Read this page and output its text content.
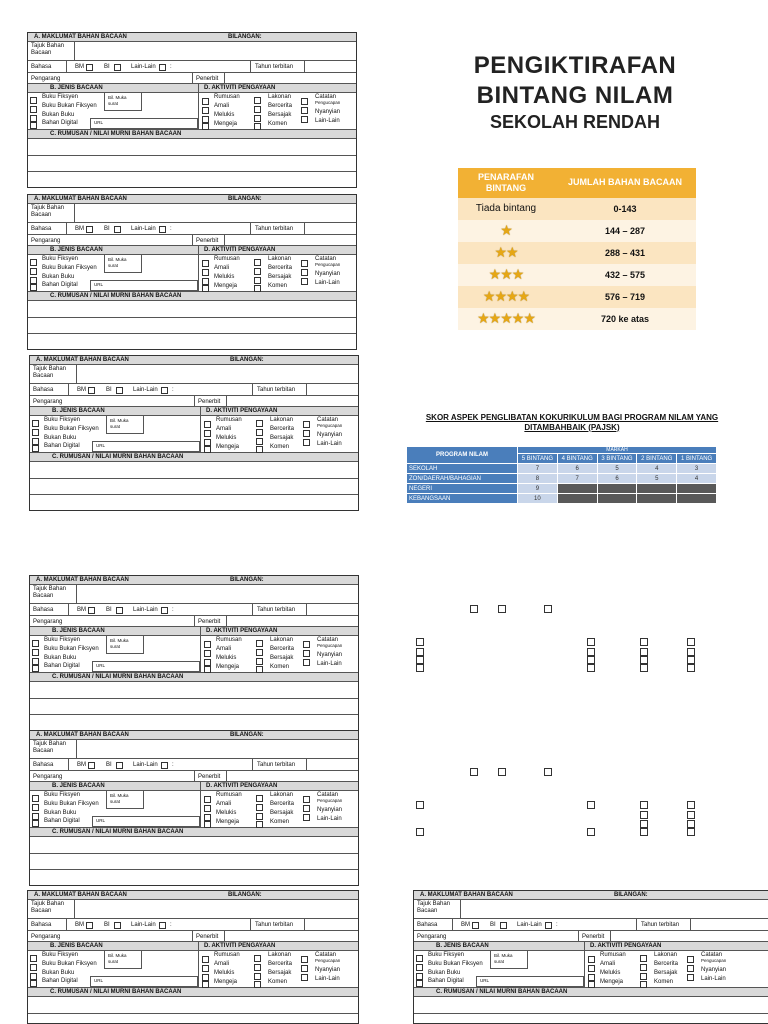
A. MAKLUMAT BAHAN BACAAN	BILANGAN:
Tajuk Bahan
Bacaan
Bahasa	BM	BI	Lain-Lain :	Tahun terbitan
Pengarang	Penerbit
B. JENIS BACAAN	D. AKTIVITI PENGAYAAN
Buku Fiksyen
Buku Bukan Fiksyen
Bukan Buku
Bahan Digital
Bil. Muka
surat
URL
Rumusan
Amali
Melukis
Mengeja
Lakonan
Bercerita
Bersajak
Komen
Catatan
Pengucapan
Nyanyian
Lain-Lain
C. RUMUSAN / NILAI MURNI BAHAN BACAAN
A. MAKLUMAT BAHAN BACAAN	BILANGAN:
Tajuk Bahan
Bacaan
Bahasa	BM	BI	Lain-Lain :	Tahun terbitan
Pengarang	Penerbit
B. JENIS BACAAN	D. AKTIVITI PENGAYAAN
Buku Fiksyen
Buku Bukan Fiksyen
Bukan Buku
Bahan Digital
Bil. Muka
surat
URL
Rumusan
Amali
Melukis
Mengeja
Lakonan
Bercerita
Bersajak
Komen
Catatan
Pengucapan
Nyanyian
Lain-Lain
C. RUMUSAN / NILAI MURNI BAHAN BACAAN
A. MAKLUMAT BAHAN BACAAN	BILANGAN:
Tajuk Bahan
Bacaan
Bahasa	BM	BI	Lain-Lain :	Tahun terbitan
Pengarang	Penerbit
B. JENIS BACAAN	D. AKTIVITI PENGAYAAN
Buku Fiksyen
Buku Bukan Fiksyen
Bukan Buku
Bahan Digital
Bil. Muka
surat
URL
Rumusan
Amali
Melukis
Mengeja
Lakonan
Bercerita
Bersajak
Komen
Catatan
Pengucapan
Nyanyian
Lain-Lain
C. RUMUSAN / NILAI MURNI BAHAN BACAAN
A. MAKLUMAT BAHAN BACAAN	BILANGAN:
Tajuk Bahan
Bacaan
Bahasa	BM	BI	Lain-Lain :	Tahun terbitan
Pengarang	Penerbit
B. JENIS BACAAN	D. AKTIVITI PENGAYAAN
Buku Fiksyen
Buku Bukan Fiksyen
Bukan Buku
Bahan Digital
Bil. Muka
surat
URL
Rumusan
Amali
Melukis
Mengeja
Lakonan
Bercerita
Bersajak
Komen
Catatan
Pengucapan
Nyanyian
Lain-Lain
C. RUMUSAN / NILAI MURNI BAHAN BACAAN
A. MAKLUMAT BAHAN BACAAN	BILANGAN:
Tajuk Bahan
Bacaan
Bahasa	BM	BI	Lain-Lain :	Tahun terbitan
Pengarang	Penerbit
B. JENIS BACAAN	D. AKTIVITI PENGAYAAN
Buku Fiksyen
Buku Bukan Fiksyen
Bukan Buku
Bahan Digital
Bil. Muka
surat
URL
Rumusan
Amali
Melukis
Mengeja
Lakonan
Bercerita
Bersajak
Komen
Catatan
Pengucapan
Nyanyian
Lain-Lain
C. RUMUSAN / NILAI MURNI BAHAN BACAAN
A. MAKLUMAT BAHAN BACAAN	BILANGAN:
Tajuk Bahan
Bacaan
Bahasa	BM	BI	Lain-Lain :	Tahun terbitan
Pengarang	Penerbit
B. JENIS BACAAN	D. AKTIVITI PENGAYAAN
Buku Fiksyen
Buku Bukan Fiksyen
Bukan Buku
Bahan Digital
Bil. Muka
surat
URL
Rumusan
Amali
Melukis
Mengeja
Lakonan
Bercerita
Bersajak
Komen
Catatan
Pengucapan
Nyanyian
Lain-Lain
C. RUMUSAN / NILAI MURNI BAHAN BACAAN
A. MAKLUMAT BAHAN BACAAN	BILANGAN:
Tajuk Bahan
Bacaan
Bahasa	BM	BI	Lain-Lain :	Tahun terbitan
Pengarang	Penerbit
B. JENIS BACAAN	D. AKTIVITI PENGAYAAN
Buku Fiksyen
Buku Bukan Fiksyen
Bukan Buku
Bahan Digital
Bil. Muka
surat
URL
Rumusan
Amali
Melukis
Mengeja
Lakonan
Bercerita
Bersajak
Komen
Catatan
Pengucapan
Nyanyian
Lain-Lain
C. RUMUSAN / NILAI MURNI BAHAN BACAAN

PENGIKTIRAFAN

BINTANG NILAM

SEKOLAH RENDAH

PENARAFAN BINTANG	JUMLAH BAHAN BACAAN
Tiada bintang	0-143
★	144 – 287
★★	288 – 431
★★★	432 – 575
★★★★	576 – 719
★★★★★	720 ke atas
SKOR ASPEK PENGLIBATAN KOKURIKULUM BAGI PROGRAM NILAM YANG DITAMBAHBAIK (PAJSK)
PROGRAM NILAM	MARKAH				
	5 BINTANG	4 BINTANG	3 BINTANG	2 BINTANG	1 BINTANG
SEKOLAH	7	6	5	4	3
ZON/DAERAH/BAHAGIAN	8	7	6	5	4
NEGERI	9				
KEBANGSAAN	10				
